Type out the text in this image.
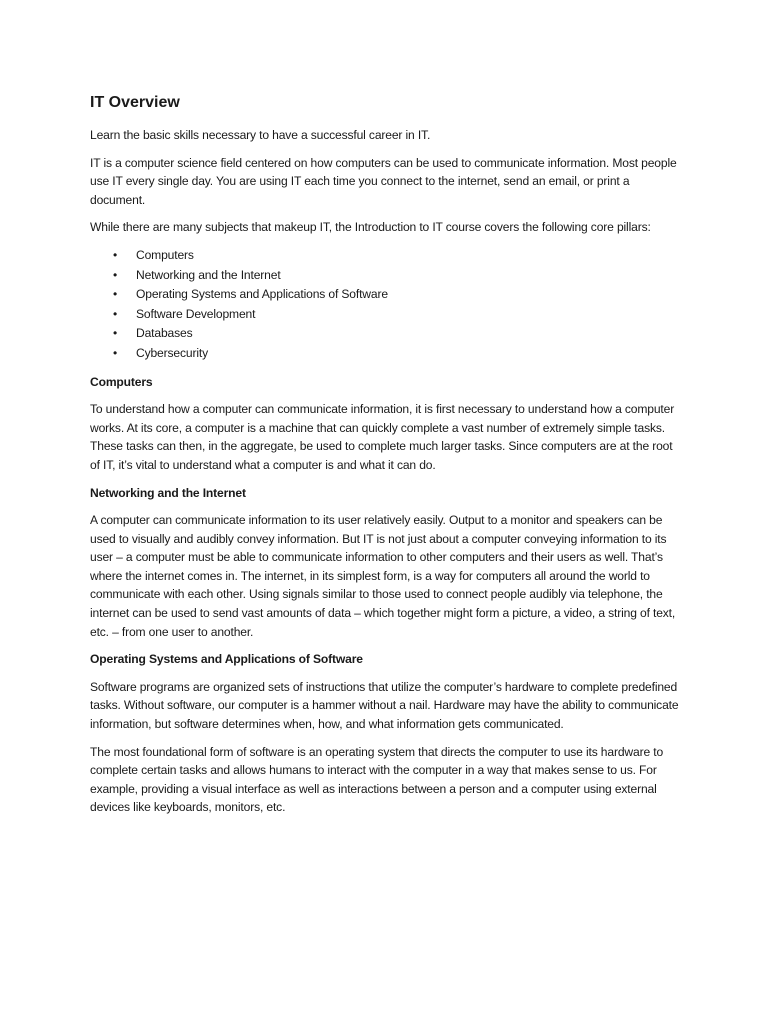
IT Overview

Learn the basic skills necessary to have a successful career in IT.

IT is a computer science field centered on how computers can be used to communicate information. Most people use IT every single day. You are using IT each time you connect to the internet, send an email, or print a document.

While there are many subjects that makeup IT, the Introduction to IT course covers the following core pillars:

• Computers
• Networking and the Internet
• Operating Systems and Applications of Software
• Software Development
• Databases
• Cybersecurity
Computers

To understand how a computer can communicate information, it is first necessary to understand how a computer works. At its core, a computer is a machine that can quickly complete a vast number of extremely simple tasks. These tasks can then, in the aggregate, be used to complete much larger tasks. Since computers are at the root of IT, it’s vital to understand what a computer is and what it can do.

Networking and the Internet

A computer can communicate information to its user relatively easily. Output to a monitor and speakers can be used to visually and audibly convey information. But IT is not just about a computer conveying information to its user – a computer must be able to communicate information to other computers and their users as well. That’s where the internet comes in. The internet, in its simplest form, is a way for computers all around the world to communicate with each other. Using signals similar to those used to connect people audibly via telephone, the internet can be used to send vast amounts of data – which together might form a picture, a video, a string of text, etc. – from one user to another.

Operating Systems and Applications of Software

Software programs are organized sets of instructions that utilize the computer’s hardware to complete predefined tasks. Without software, our computer is a hammer without a nail. Hardware may have the ability to communicate information, but software determines when, how, and what information gets communicated.

The most foundational form of software is an operating system that directs the computer to use its hardware to complete certain tasks and allows humans to interact with the computer in a way that makes sense to us. For example, providing a visual interface as well as interactions between a person and a computer using external devices like keyboards, monitors, etc.
